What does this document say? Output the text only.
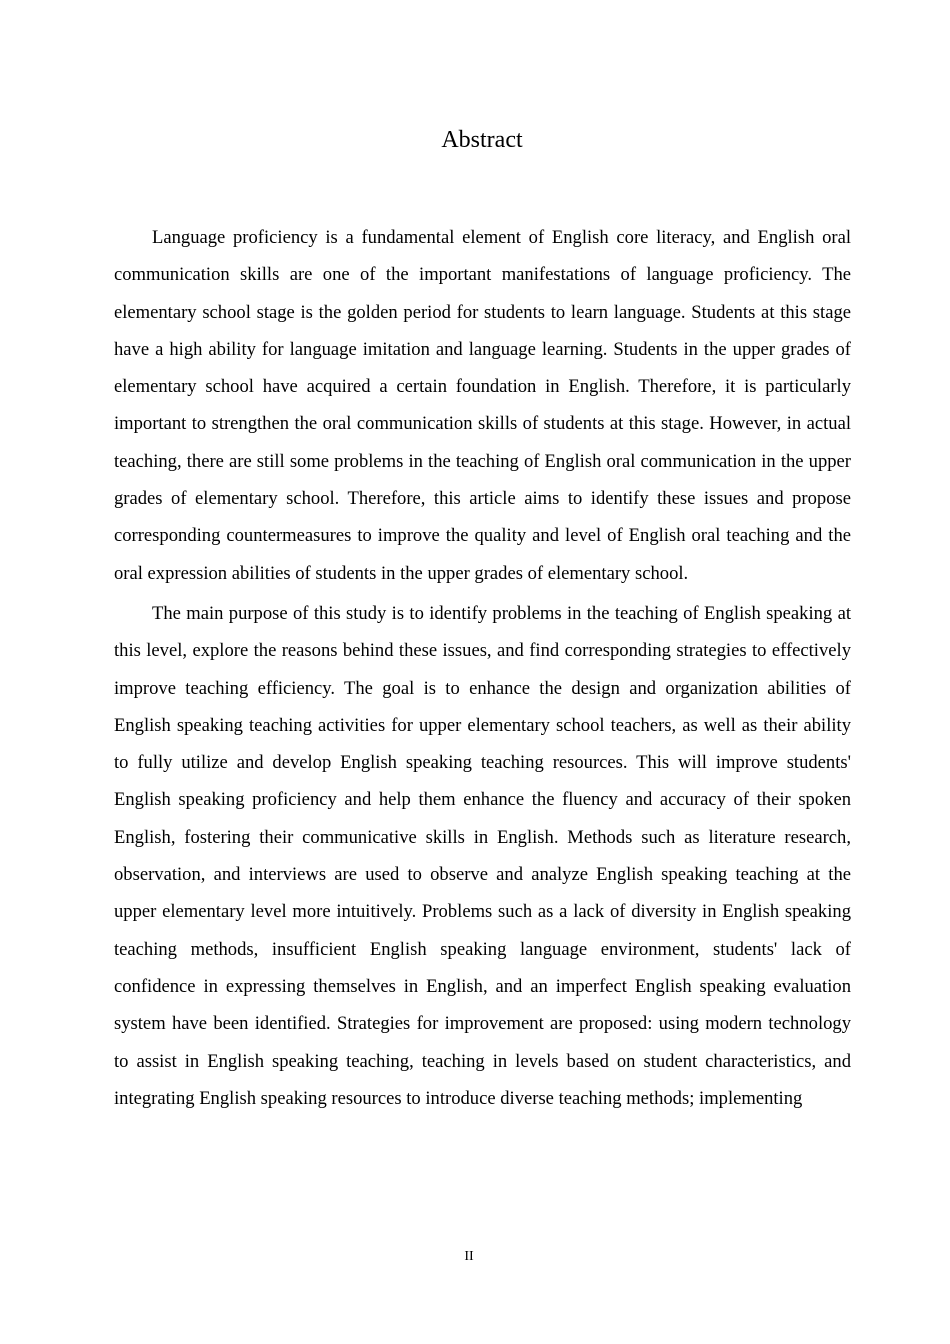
Abstract

Language proficiency is a fundamental element of English core literacy, and English oral communication skills are one of the important manifestations of language proficiency. The elementary school stage is the golden period for students to learn language. Students at this stage have a high ability for language imitation and language learning. Students in the upper grades of elementary school have acquired a certain foundation in English. Therefore, it is particularly important to strengthen the oral communication skills of students at this stage. However, in actual teaching, there are still some problems in the teaching of English oral communication in the upper grades of elementary school. Therefore, this article aims to identify these issues and propose corresponding countermeasures to improve the quality and level of English oral teaching and the oral expression abilities of students in the upper grades of elementary school.

The main purpose of this study is to identify problems in the teaching of English speaking at this level, explore the reasons behind these issues, and find corresponding strategies to effectively improve teaching efficiency. The goal is to enhance the design and organization abilities of English speaking teaching activities for upper elementary school teachers, as well as their ability to fully utilize and develop English speaking teaching resources. This will improve students' English speaking proficiency and help them enhance the fluency and accuracy of their spoken English, fostering their communicative skills in English. Methods such as literature research, observation, and interviews are used to observe and analyze English speaking teaching at the upper elementary level more intuitively. Problems such as a lack of diversity in English speaking teaching methods, insufficient English speaking language environment, students' lack of confidence in expressing themselves in English, and an imperfect English speaking evaluation system have been identified. Strategies for improvement are proposed: using modern technology to assist in English speaking teaching, teaching in levels based on student characteristics, and integrating English speaking resources to introduce diverse teaching methods; implementing

II
